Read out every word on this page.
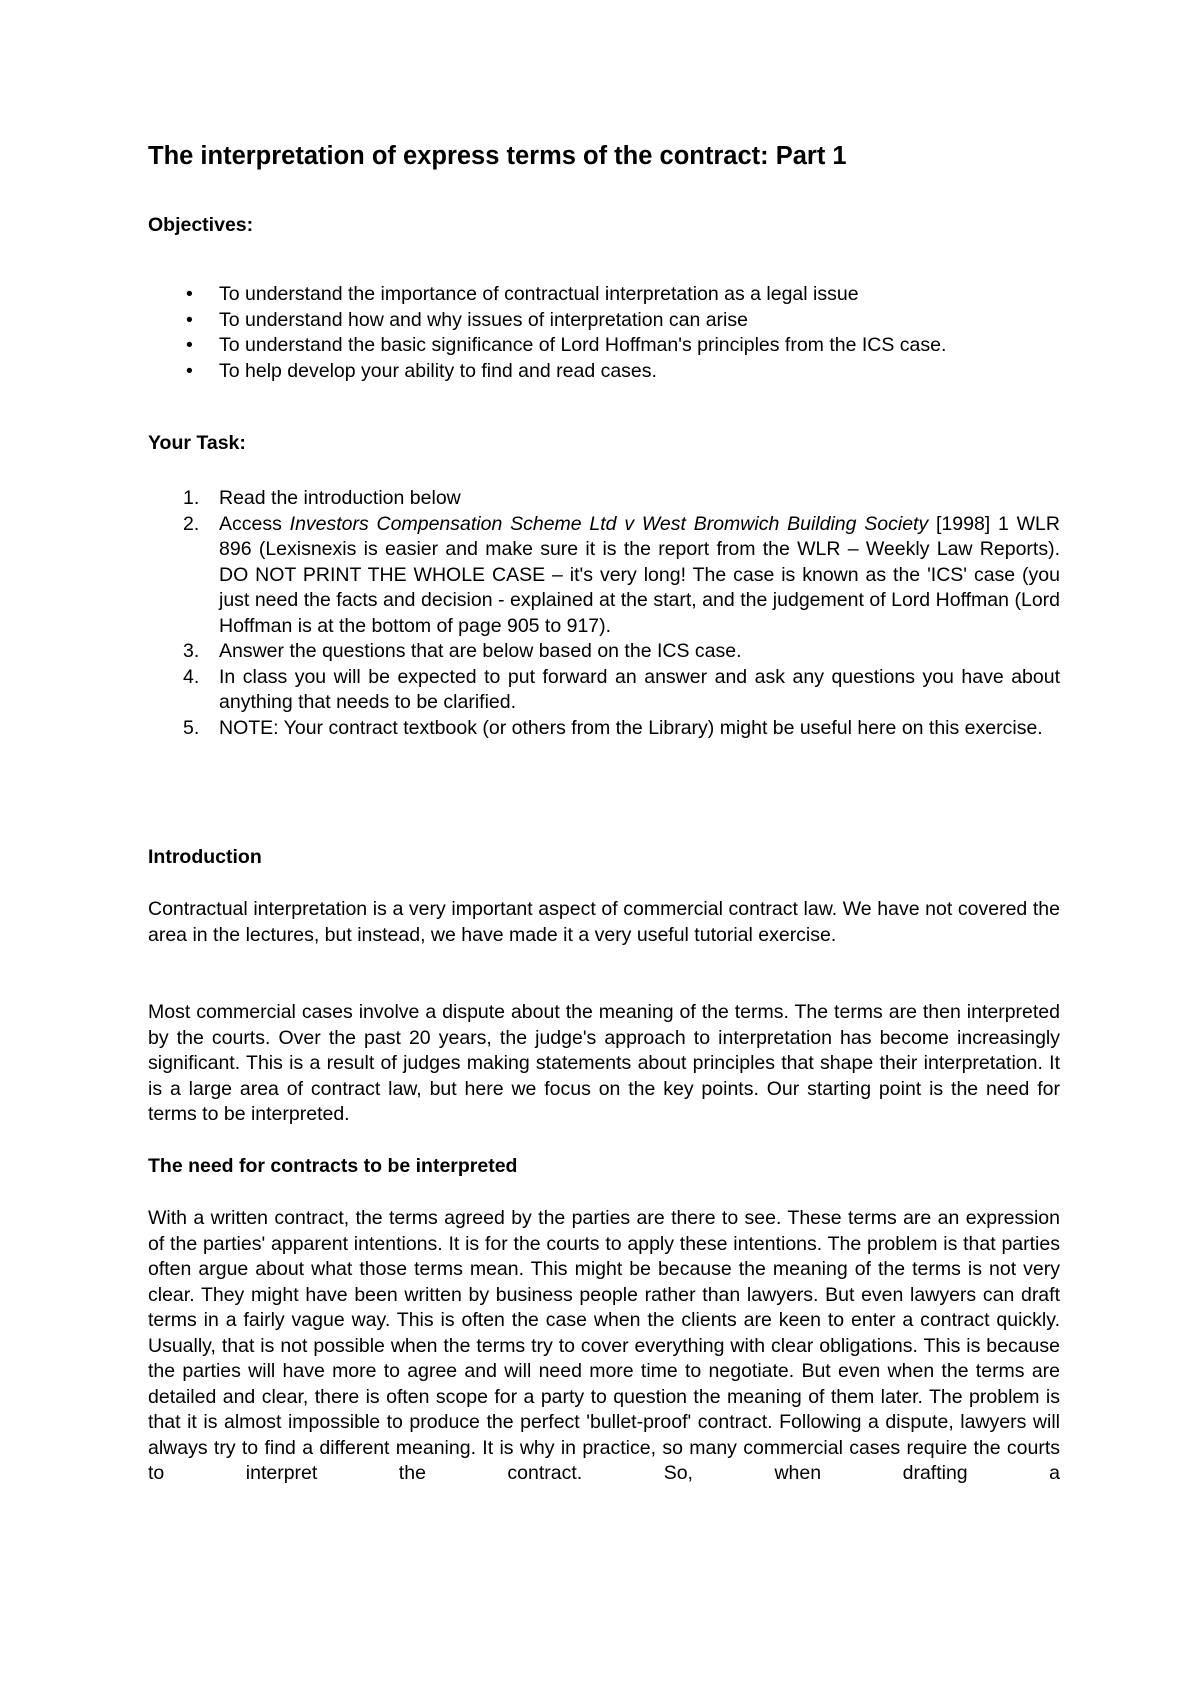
The interpretation of express terms of the contract: Part 1
Objectives:
• To understand the importance of contractual interpretation as a legal issue
• To understand how and why issues of interpretation can arise
• To understand the basic significance of Lord Hoffman's principles from the ICS case.
• To help develop your ability to find and read cases.
Your Task:
1. Read the introduction below
2. Access Investors Compensation Scheme Ltd v West Bromwich Building Society [1998] 1 WLR 896 (Lexisnexis is easier and make sure it is the report from the WLR – Weekly Law Reports). DO NOT PRINT THE WHOLE CASE – it's very long! The case is known as the 'ICS' case (you just need the facts and decision - explained at the start, and the judgement of Lord Hoffman (Lord Hoffman is at the bottom of page 905 to 917).
3. Answer the questions that are below based on the ICS case.
4. In class you will be expected to put forward an answer and ask any questions you have about anything that needs to be clarified.
5. NOTE: Your contract textbook (or others from the Library) might be useful here on this exercise.
Introduction

Contractual interpretation is a very important aspect of commercial contract law. We have not covered the area in the lectures, but instead, we have made it a very useful tutorial exercise.

Most commercial cases involve a dispute about the meaning of the terms. The terms are then interpreted by the courts. Over the past 20 years, the judge's approach to interpretation has become increasingly significant. This is a result of judges making statements about principles that shape their interpretation. It is a large area of contract law, but here we focus on the key points. Our starting point is the need for terms to be interpreted.

The need for contracts to be interpreted

With a written contract, the terms agreed by the parties are there to see. These terms are an expression of the parties' apparent intentions. It is for the courts to apply these intentions. The problem is that parties often argue about what those terms mean. This might be because the meaning of the terms is not very clear. They might have been written by business people rather than lawyers. But even lawyers can draft terms in a fairly vague way. This is often the case when the clients are keen to enter a contract quickly. Usually, that is not possible when the terms try to cover everything with clear obligations. This is because the parties will have more to agree and will need more time to negotiate. But even when the terms are detailed and clear, there is often scope for a party to question the meaning of them later. The problem is that it is almost impossible to produce the perfect 'bullet-proof' contract. Following a dispute, lawyers will always try to find a different meaning. It is why in practice, so many commercial cases require the courts to interpret the contract. So, when drafting a
